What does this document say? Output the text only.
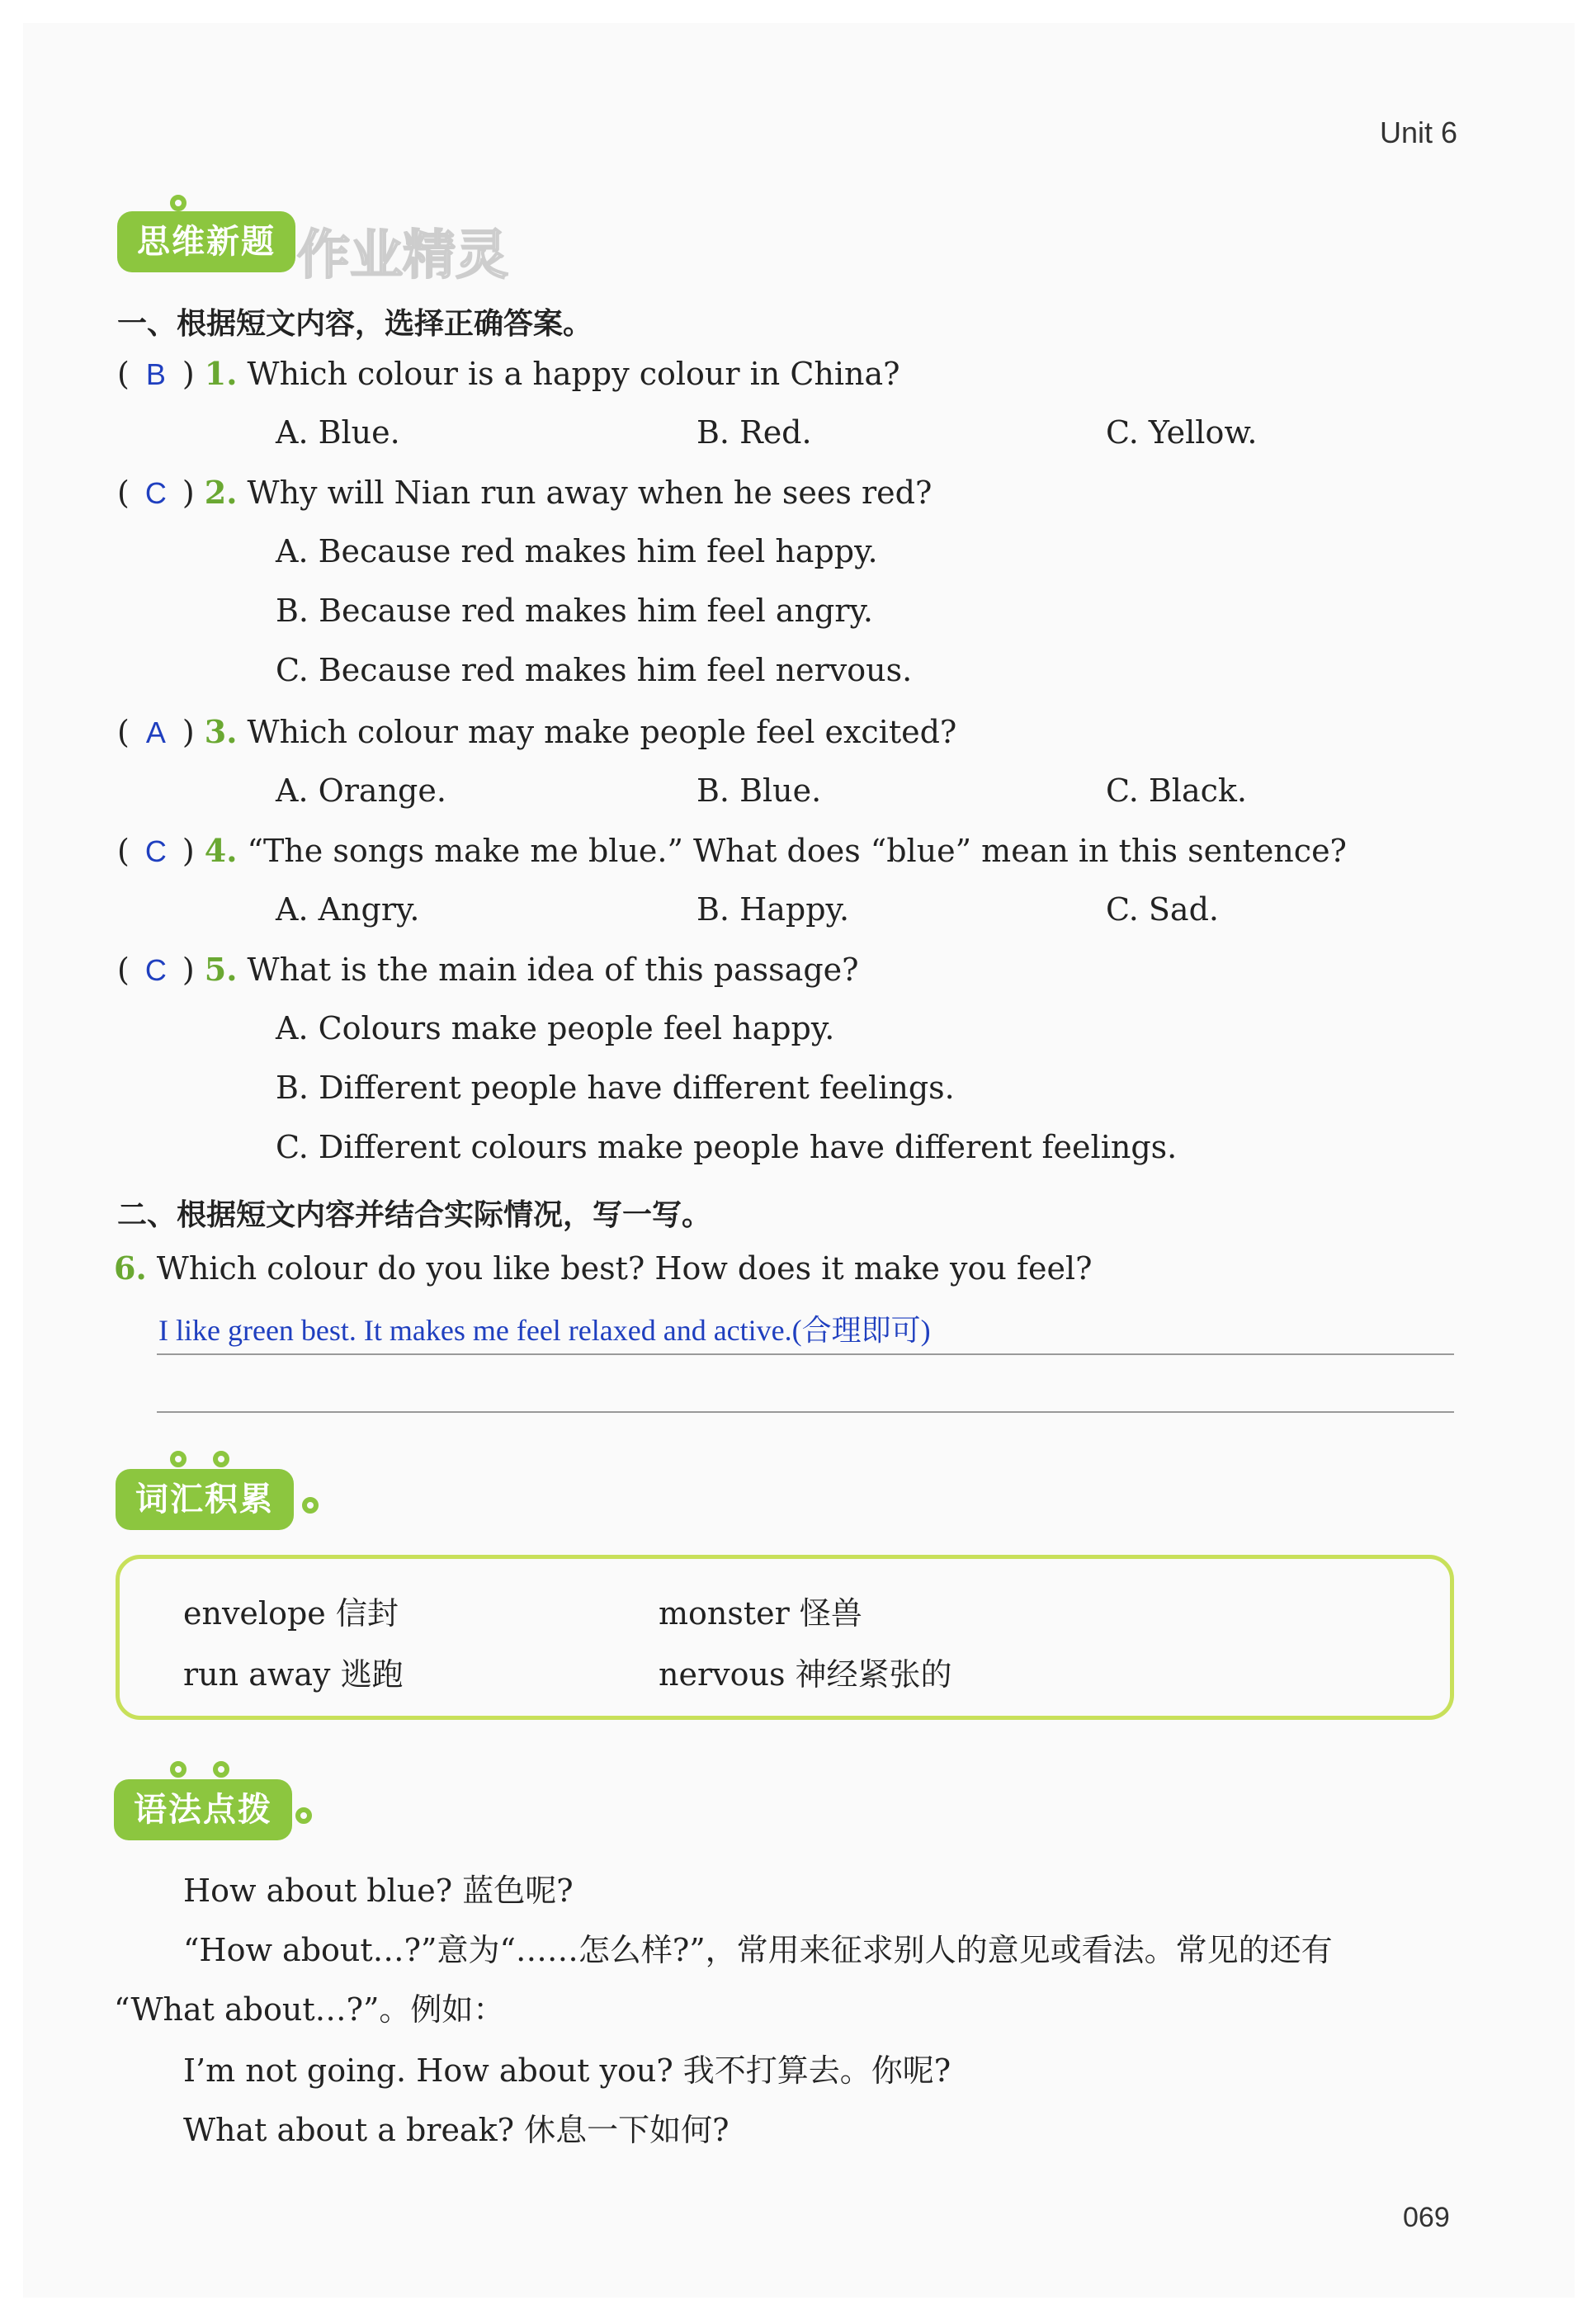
Unit 6
思维新题 作业精灵
一、根据短文内容，选择正确答案。
( B ) 1. Which colour is a happy colour in China?
A. Blue.	B. Red.	C. Yellow.
( C ) 2. Why will Nian run away when he sees red?
A. Because red makes him feel happy.
B. Because red makes him feel angry.
C. Because red makes him feel nervous.
( A ) 3. Which colour may make people feel excited?
A. Orange.	B. Blue.	C. Black.
( C ) 4. “The songs make me blue.” What does “blue” mean in this sentence?
A. Angry.	B. Happy.	C. Sad.
( C ) 5. What is the main idea of this passage?
A. Colours make people feel happy.
B. Different people have different feelings.
C. Different colours make people have different feelings.
二、根据短文内容并结合实际情况，写一写。
6. Which colour do you like best? How does it make you feel?
I like green best. It makes me feel relaxed and active.(合理即可)
词汇积累
envelope 信封	monster 怪兽
run away 逃跑	nervous 神经紧张的
语法点拨
How about blue? 蓝色呢?
“How about…?”意为“……怎么样?”，常用来征求别人的意见或看法。常见的还有
“What about…?”。例如：
I’m not going. How about you? 我不打算去。你呢?
What about a break? 休息一下如何?
069
